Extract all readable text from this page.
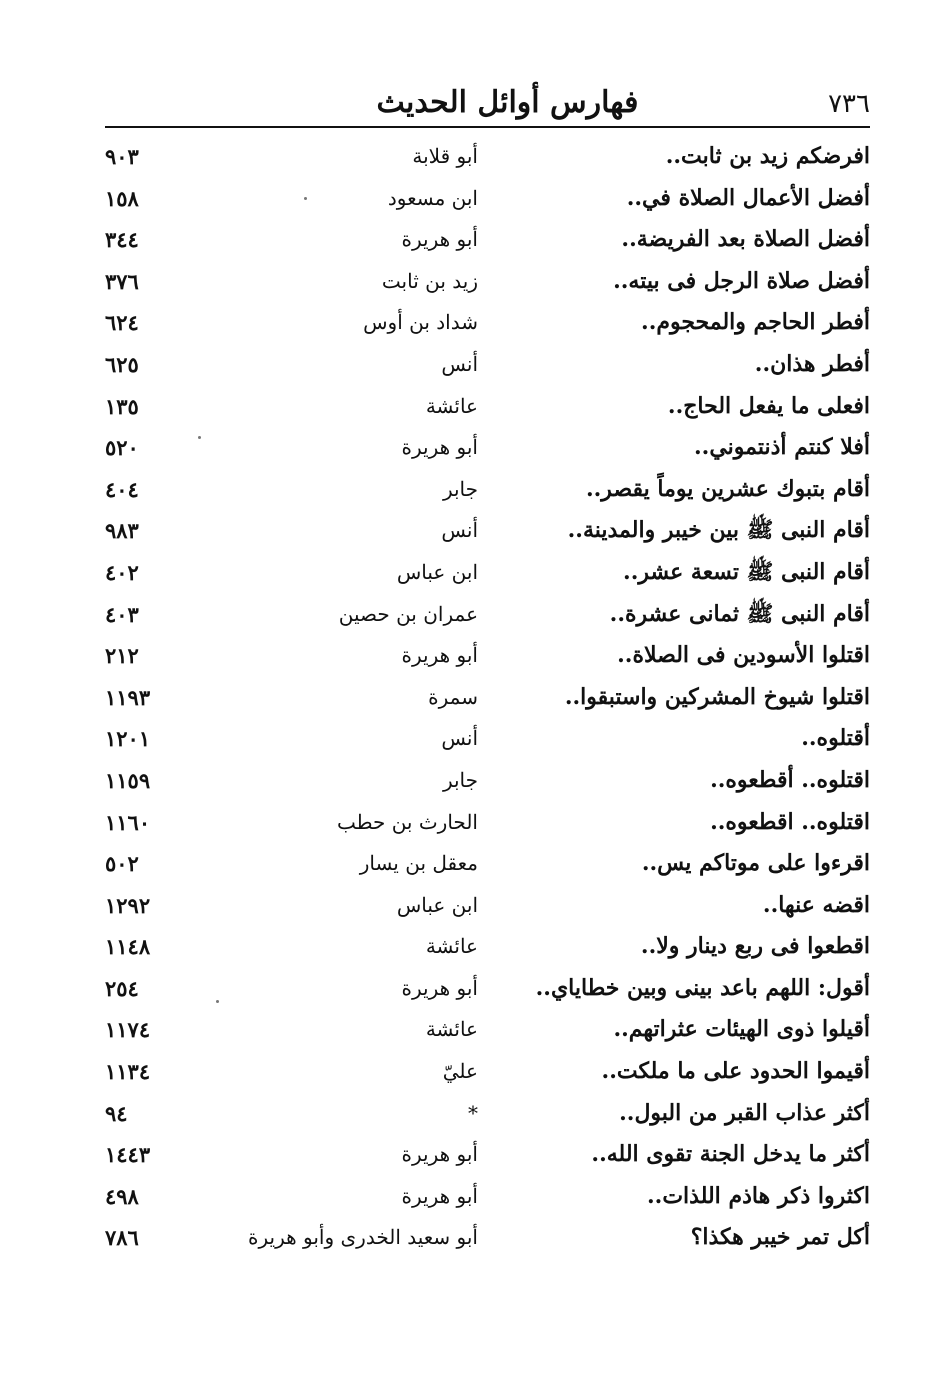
فهارس أوائل الحديث	٧٣٦
افرضكم زيد بن ثابت..
أبو قلابة
٩٠٣
أفضل الأعمال الصلاة في..
ابن مسعود
١٥٨
أفضل الصلاة بعد الفريضة..
أبو هريرة
٣٤٤
أفضل صلاة الرجل فى بيته..
زيد بن ثابت
٣٧٦
أفطر الحاجم والمحجوم..
شداد بن أوس
٦٢٤
أفطر هذان..
أنس
٦٢٥
افعلى ما يفعل الحاج..
عائشة
١٣٥
أفلا كنتم أذنتموني..
أبو هريرة
٥٢٠
أقام بتبوك عشرين يوماً يقصر..
جابر
٤٠٤
أقام النبى ﷺ بين خيبر والمدينة..
أنس
٩٨٣
أقام النبى ﷺ تسعة عشر..
ابن عباس
٤٠٢
أقام النبى ﷺ ثمانى عشرة..
عمران بن حصين
٤٠٣
اقتلوا الأسودين فى الصلاة..
أبو هريرة
٢١٢
اقتلوا شيوخ المشركين واستبقوا..
سمرة
١١٩٣
أقتلوه..
أنس
١٢٠١
اقتلوه.. أقطعوه..
جابر
١١٥٩
اقتلوه.. اقطعوه..
الحارث بن حطب
١١٦٠
اقرءوا على موتاكم يس..
معقل بن يسار
٥٠٢
اقضه عنها..
ابن عباس
١٢٩٢
اقطعوا فى ربع دينار ولا..
عائشة
١١٤٨
أقول: اللهم باعد بينى وبين خطاياي..
أبو هريرة
٢٥٤
أقيلوا ذوى الهيئات عثراتهم..
عائشة
١١٧٤
أقيموا الحدود على ما ملكت..
عليّ
١١٣٤
أكثر عذاب القبر من البول..
*
٩٤
أكثر ما يدخل الجنة تقوى الله..
أبو هريرة
١٤٤٣
اكثروا ذكر هاذم اللذات..
أبو هريرة
٤٩٨
أكل تمر خيبر هكذا؟
أبو سعيد الخدرى وأبو هريرة
٧٨٦
